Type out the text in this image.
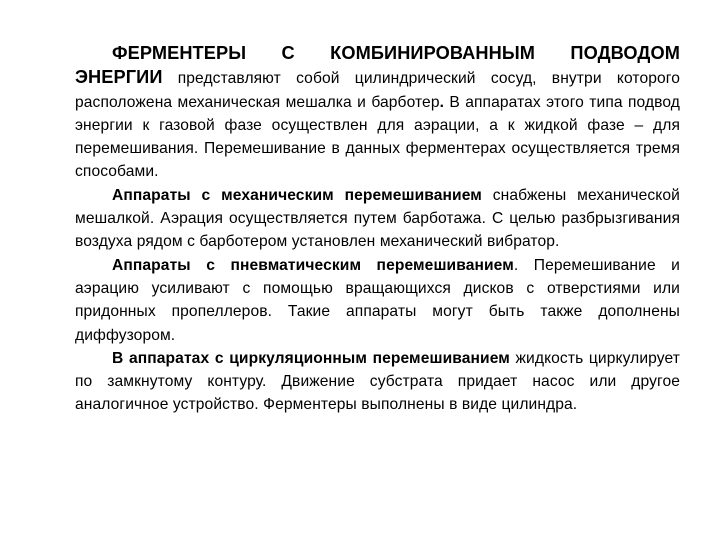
ФЕРМЕНТЕРЫ С КОМБИНИРОВАННЫМ ПОДВОДОМ ЭНЕРГИИ представляют собой цилиндрический сосуд, внутри которого расположена механическая мешалка и барботер. В аппаратах этого типа подвод энергии к газовой фазе осуществлен для аэрации, а к жидкой фазе – для перемешивания. Перемешивание в данных ферментерах осуществляется тремя способами.

Аппараты с механическим перемешиванием снабжены механической мешалкой. Аэрация осуществляется путем барботажа. С целью разбрызгивания воздуха рядом с барботером установлен механический вибратор.

Аппараты с пневматическим перемешиванием. Перемешивание и аэрацию усиливают с помощью вращающихся дисков с отверстиями или придонных пропеллеров. Такие аппараты могут быть также дополнены диффузором.

В аппаратах с циркуляционным перемешиванием жидкость циркулирует по замкнутому контуру. Движение субстрата придает насос или другое аналогичное устройство. Ферментеры выполнены в виде цилиндра.
